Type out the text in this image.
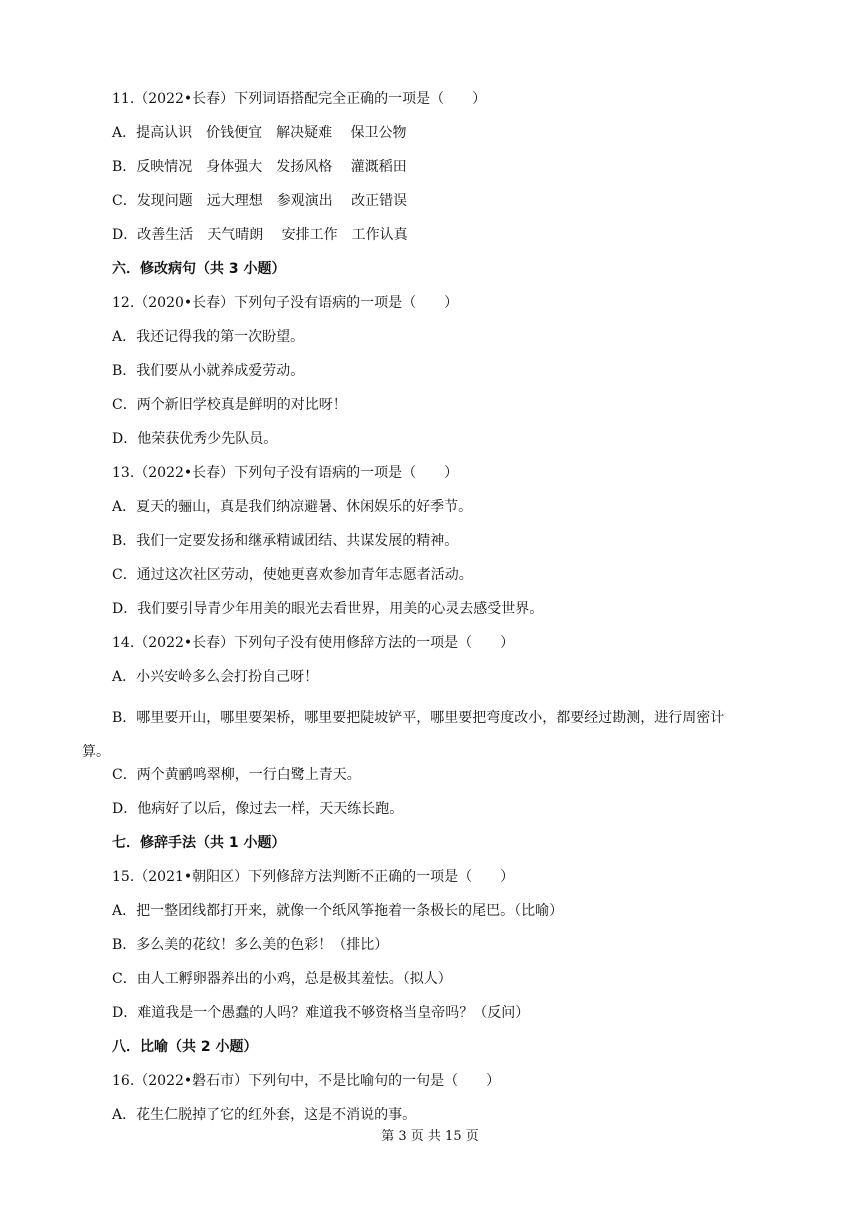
11.（2022•长春）下列词语搭配完全正确的一项是（　　）
A．提高认识　价钱便宜　解决疑难　 保卫公物
B．反映情况　身体强大　发扬风格　 灌溉稻田
C．发现问题　远大理想　参观演出　 改正错误
D．改善生活　天气晴朗　 安排工作　工作认真
六．修改病句（共 3 小题）
12.（2020•长春）下列句子没有语病的一项是（　　）
A．我还记得我的第一次盼望。
B．我们要从小就养成爱劳动。
C．两个新旧学校真是鲜明的对比呀！
D．他荣获优秀少先队员。
13.（2022•长春）下列句子没有语病的一项是（　　）
A．夏天的骊山，真是我们纳凉避暑、休闲娱乐的好季节。
B．我们一定要发扬和继承精诚团结、共谋发展的精神。
C．通过这次社区劳动，使她更喜欢参加青年志愿者活动。
D．我们要引导青少年用美的眼光去看世界，用美的心灵去感受世界。
14.（2022•长春）下列句子没有使用修辞方法的一项是（　　）
A．小兴安岭多么会打扮自己呀！
B．哪里要开山，哪里要架桥，哪里要把陡坡铲平，哪里要把弯度改小，都要经过勘测，进行周密计算。
C．两个黄鹂鸣翠柳，一行白鹭上青天。
D．他病好了以后，像过去一样，天天练长跑。
七．修辞手法（共 1 小题）
15.（2021•朝阳区）下列修辞方法判断不正确的一项是（　　）
A．把一整团线都打开来，就像一个纸风筝拖着一条极长的尾巴。（比喻）
B．多么美的花纹！多么美的色彩！（排比）
C．由人工孵卵器养出的小鸡，总是极其羞怯。（拟人）
D．难道我是一个愚蠢的人吗？难道我不够资格当皇帝吗？（反问）
八．比喻（共 2 小题）
16.（2022•磐石市）下列句中，不是比喻句的一句是（　　）
A．花生仁脱掉了它的红外套，这是不消说的事。
第 3 页 共 15 页
